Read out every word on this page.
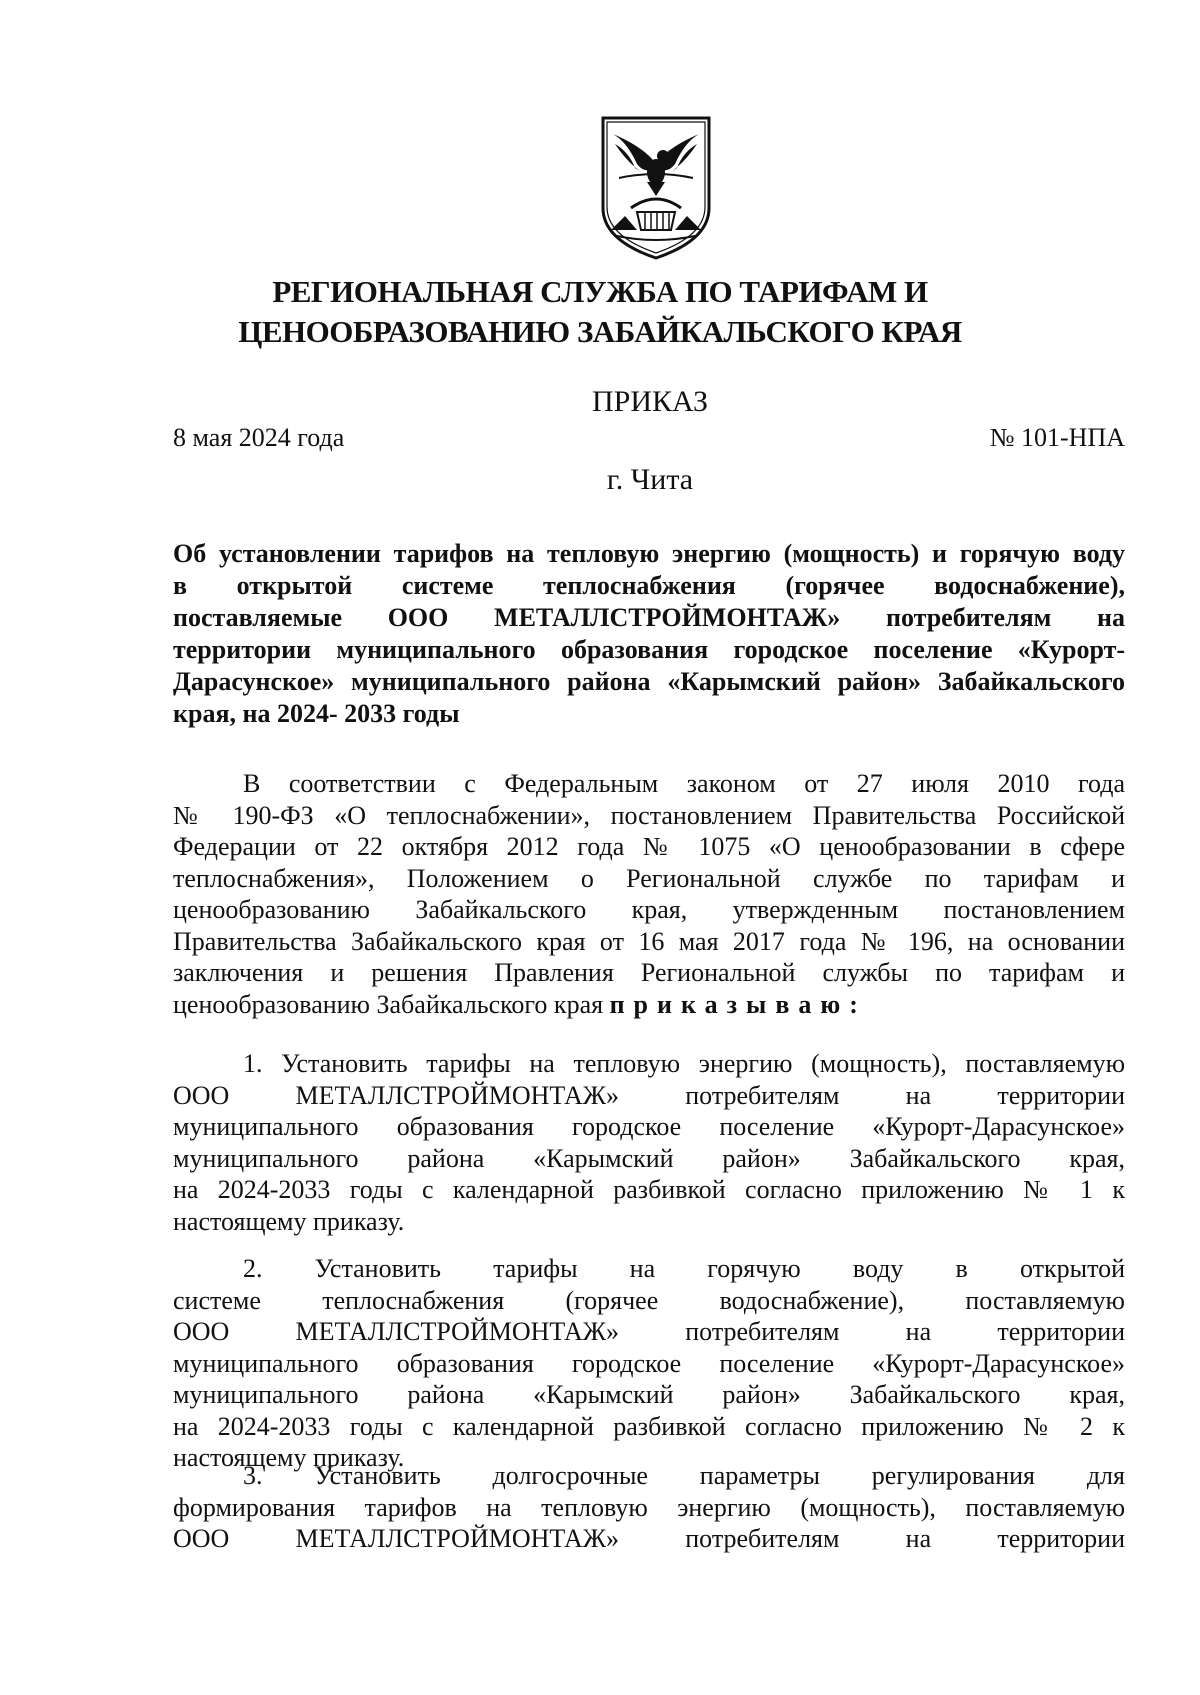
РЕГИОНАЛЬНАЯ СЛУЖБА ПО ТАРИФАМ И
ЦЕНООБРАЗОВАНИЮ ЗАБАЙКАЛЬСКОГО КРАЯ
ПРИКАЗ
8 мая 2024 года	№ 101-НПА
г. Чита
Об установлении тарифов на тепловую энергию (мощность) и горячую воду
в открытой системе теплоснабжения (горячее водоснабжение),
поставляемые ООО МЕТАЛЛСТРОЙМОНТАЖ» потребителям на
территории муниципального образования городское поселение «Курорт-
Дарасунское» муниципального района «Карымский район» Забайкальского
края, на 2024- 2033 годы
В соответствии с Федеральным законом от 27 июля 2010 года
№ 190-ФЗ «О теплоснабжении», постановлением Правительства Российской
Федерации от 22 октября 2012 года № 1075 «О ценообразовании в сфере
теплоснабжения», Положением о Региональной службе по тарифам и
ценообразованию Забайкальского края, утвержденным постановлением
Правительства Забайкальского края от 16 мая 2017 года № 196, на основании
заключения и решения Правления Региональной службы по тарифам и
ценообразованию Забайкальского края приказываю:
1. Установить тарифы на тепловую энергию (мощность), поставляемую
ООО МЕТАЛЛСТРОЙМОНТАЖ» потребителям на территории
муниципального образования городское поселение «Курорт-Дарасунское»
муниципального района «Карымский район» Забайкальского края,
на 2024-2033 годы с календарной разбивкой согласно приложению № 1 к
настоящему приказу.
2. Установить тарифы на горячую воду в открытой
системе теплоснабжения (горячее водоснабжение), поставляемую
ООО МЕТАЛЛСТРОЙМОНТАЖ» потребителям на территории
муниципального образования городское поселение «Курорт-Дарасунское»
муниципального района «Карымский район» Забайкальского края,
на 2024-2033 годы с календарной разбивкой согласно приложению № 2 к
настоящему приказу.
3. Установить долгосрочные параметры регулирования для
формирования тарифов на тепловую энергию (мощность), поставляемую
ООО МЕТАЛЛСТРОЙМОНТАЖ» потребителям на территории
